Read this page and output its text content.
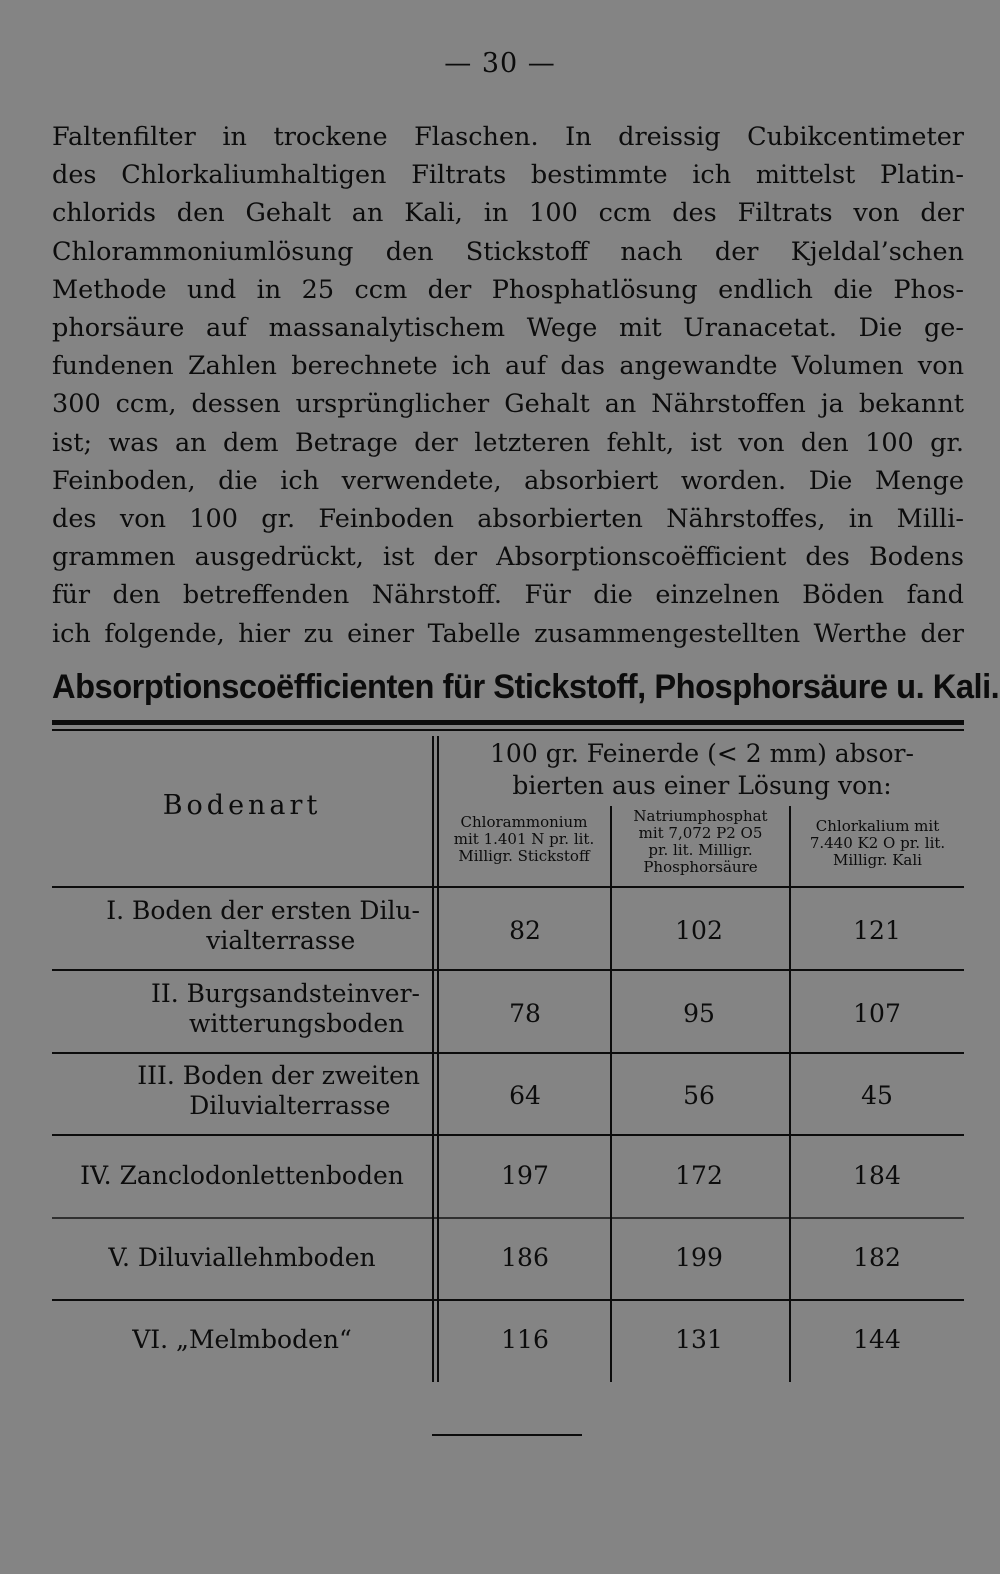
— 30 —
Faltenfilter in trockene Flaschen. In dreissig Cubikcentimeter
des Chlorkaliumhaltigen Filtrats bestimmte ich mittelst Platin-
chlorids den Gehalt an Kali, in 100 ccm des Filtrats von der
Chlorammoniumlösung den Stickstoff nach der Kjeldal’schen
Methode und in 25 ccm der Phosphatlösung endlich die Phos-
phorsäure auf massanalytischem Wege mit Uranacetat. Die ge-
fundenen Zahlen berechnete ich auf das angewandte Volumen von
300 ccm, dessen ursprünglicher Gehalt an Nährstoffen ja bekannt
ist; was an dem Betrage der letzteren fehlt, ist von den 100 gr.
Feinboden, die ich verwendete, absorbiert worden. Die Menge
des von 100 gr. Feinboden absorbierten Nährstoffes, in Milli-
grammen ausgedrückt, ist der Absorptionscoëfficient des Bodens
für den betreffenden Nährstoff. Für die einzelnen Böden fand
ich folgende, hier zu einer Tabelle zusammengestellten Werthe der
Absorptionscoëfficienten für Stickstoff, Phosphorsäure u. Kali.
Bodenart
100 gr. Feinerde (< 2 mm) absor-
bierten aus einer Lösung von:
Chlorammonium
mit 1.401 N pr. lit.
Milligr. Stickstoff
Natriumphosphat
mit 7,072 P2 O5
pr. lit. Milligr.
Phosphorsäure
Chlorkalium mit
7.440 K2 O pr. lit.
Milligr. Kali
I. Boden der ersten Dilu-
vialterrasse	82	102	121
II. Burgsandsteinver-
witterungsboden	78	95	107
III. Boden der zweiten
Diluvialterrasse	64	56	45
IV. Zanclodonlettenboden	197	172	184
V. Diluviallehmboden	186	199	182
VI. „Melmboden“	116	131	144
